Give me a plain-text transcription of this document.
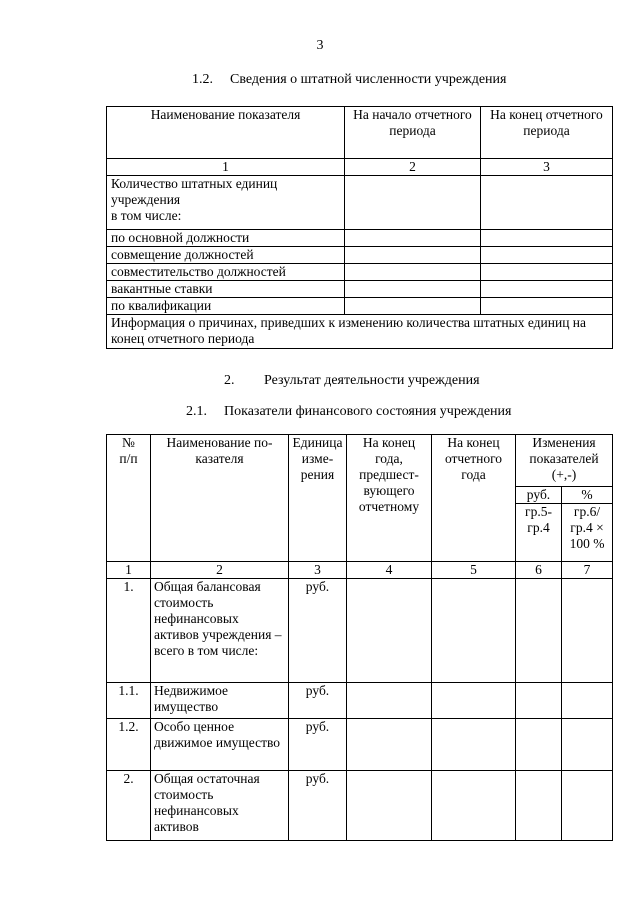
3
1.2. Сведения о штатной численности учреждения
Наименование показателя	На начало отчетного периода	На конец отчетного периода
1	2	3
Количество штатных единиц учреждения
в том числе:		
по основной должности		
совмещение должностей		
совместительство должностей		
вакантные ставки		
по квалификации		
Информация о причинах, приведших к изменению количества штатных единиц на конец отчетного периода		
2. Результат деятельности учреждения
2.1. Показатели финансового состояния учреждения
№ п/п	Наименование по-казателя	Единица изме-рения	На конец года, предшест-вующего отчетному	На конец отчетного года	Изменения показателей (+,-)	
					руб.	%
					гр.5-гр.4	гр.6/ гр.4 × 100 %
1	2	3	4	5	6	7
1.	Общая балансовая стоимость нефинансовых активов учреждения – всего в том числе:	руб.				
1.1.	Недвижимое имущество	руб.				
1.2.	Особо ценное движимое имущество	руб.				
2.	Общая остаточная стоимость нефинансовых активов	руб.				
